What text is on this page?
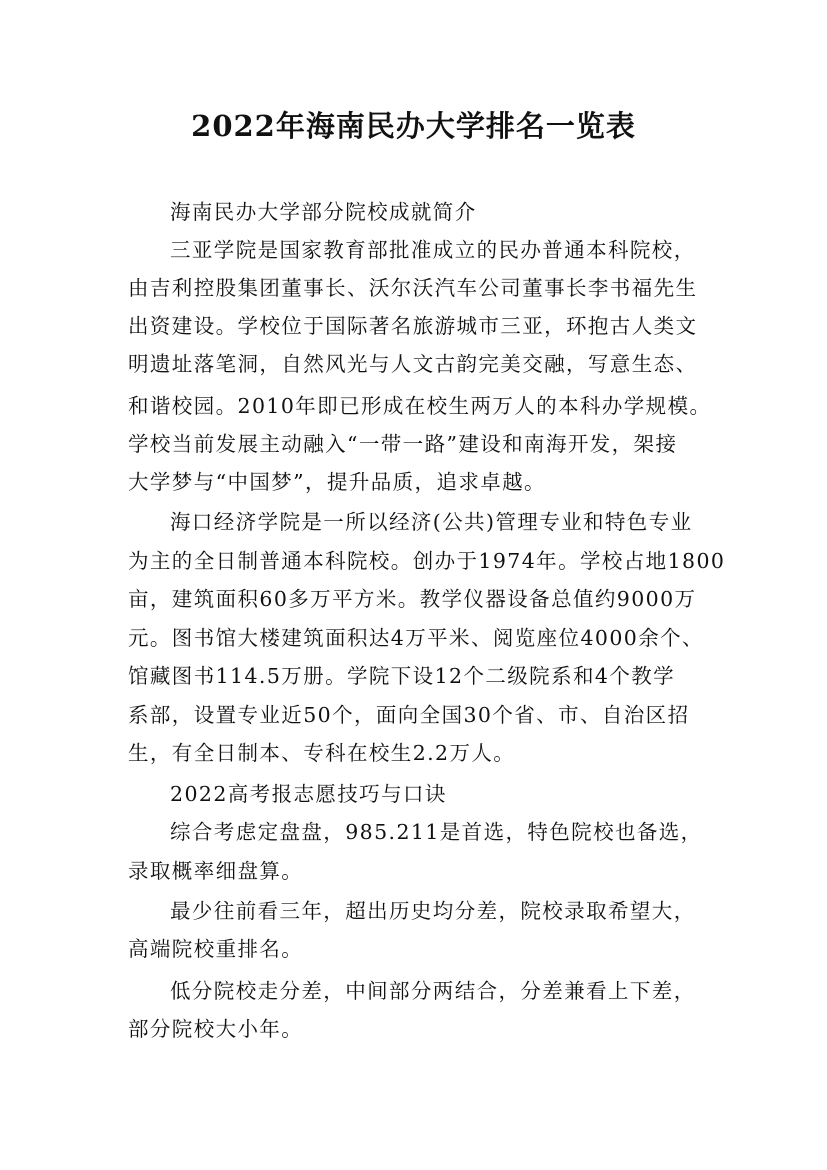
2022年海南民办大学排名一览表
海南民办大学部分院校成就简介
三亚学院是国家教育部批准成立的民办普通本科院校，
由吉利控股集团董事长、沃尔沃汽车公司董事长李书福先生
出资建设。学校位于国际著名旅游城市三亚，环抱古人类文
明遗址落笔洞，自然风光与人文古韵完美交融，写意生态、
和谐校园。2010年即已形成在校生两万人的本科办学规模。
学校当前发展主动融入“一带一路”建设和南海开发，架接
大学梦与“中国梦”，提升品质，追求卓越。
海口经济学院是一所以经济(公共)管理专业和特色专业
为主的全日制普通本科院校。创办于1974年。学校占地1800
亩，建筑面积60多万平方米。教学仪器设备总值约9000万
元。图书馆大楼建筑面积达4万平米、阅览座位4000余个、
馆藏图书114.5万册。学院下设12个二级院系和4个教学
系部，设置专业近50个，面向全国30个省、市、自治区招
生，有全日制本、专科在校生2.2万人。
2022高考报志愿技巧与口诀
综合考虑定盘盘，985.211是首选，特色院校也备选，
录取概率细盘算。
最少往前看三年，超出历史均分差，院校录取希望大，
高端院校重排名。
低分院校走分差，中间部分两结合，分差兼看上下差，
部分院校大小年。
